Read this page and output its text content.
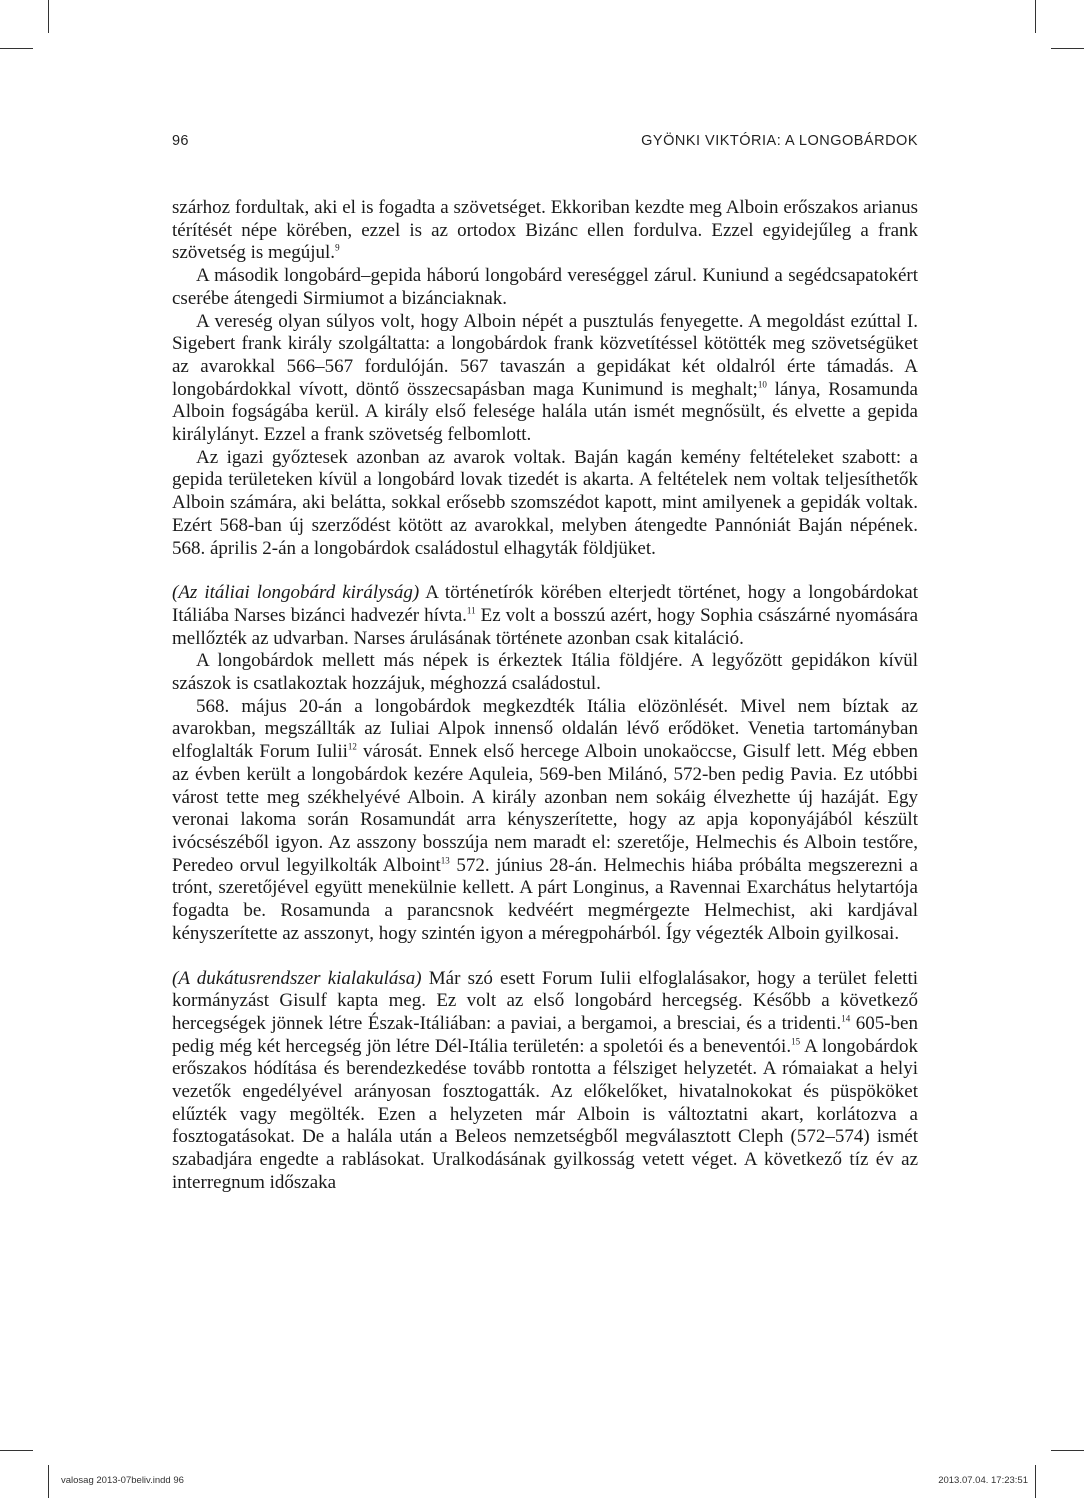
96	GYÖNKI VIKTÓRIA: A LONGOBÁRDOK

szárhoz fordultak, aki el is fogadta a szövetséget. Ekkoriban kezdte meg Alboin erőszakos arianus térítését népe körében, ezzel is az ortodox Bizánc ellen fordulva. Ezzel egyidejűleg a frank szövetség is megújul.$^9$

A második longobárd–gepida háború longobárd vereséggel zárul. Kuniund a segédcsapatokért cserébe átengedi Sirmiumot a bizánciaknak.

A vereség olyan súlyos volt, hogy Alboin népét a pusztulás fenyegette. A megoldást ezúttal I. Sigebert frank király szolgáltatta: a longobárdok frank közvetítéssel kötötték meg szövetségüket az avarokkal 566–567 fordulóján. 567 tavaszán a gepidákat két oldalról érte támadás. A longobárdokkal vívott, döntő összecsapásban maga Kunimund is meghalt;$^{10}$ lánya, Rosamunda Alboin fogságába kerül. A király első felesége halála után ismét megnősült, és elvette a gepida királylányt. Ezzel a frank szövetség felbomlott.

Az igazi győztesek azonban az avarok voltak. Baján kagán kemény feltételeket szabott: a gepida területeken kívül a longobárd lovak tizedét is akarta. A feltételek nem voltak teljesíthetők Alboin számára, aki belátta, sokkal erősebb szomszédot kapott, mint amilyenek a gepidák voltak. Ezért 568-ban új szerződést kötött az avarokkal, melyben átengedte Pannóniát Baján népének. 568. április 2-án a longobárdok családostul elhagyták földjüket.

(Az itáliai longobárd királyság) A történetírók körében elterjedt történet, hogy a longobárdokat Itáliába Narses bizánci hadvezér hívta.$^{11}$ Ez volt a bosszú azért, hogy Sophia császárné nyomására mellőzték az udvarban. Narses árulásának története azonban csak kitaláció.

A longobárdok mellett más népek is érkeztek Itália földjére. A legyőzött gepidákon kívül szászok is csatlakoztak hozzájuk, méghozzá családostul.

568. május 20-án a longobárdok megkezdték Itália elözönlését. Mivel nem bíztak az avarokban, megszállták az Iuliai Alpok innenső oldalán lévő erődöket. Venetia tartományban elfoglalták Forum Iulii$^{12}$ városát. Ennek első hercege Alboin unokaöccse, Gisulf lett. Még ebben az évben került a longobárdok kezére Aquleia, 569-ben Milánó, 572-ben pedig Pavia. Ez utóbbi várost tette meg székhelyévé Alboin. A király azonban nem sokáig élvezhette új hazáját. Egy veronai lakoma során Rosamundát arra kényszerítette, hogy az apja koponyájából készült ivócsészéből igyon. Az asszony bosszúja nem maradt el: szeretője, Helmechis és Alboin testőre, Peredeo orvul legyilkolták Alboint$^{13}$ 572. június 28-án. Helmechis hiába próbálta megszerezni a trónt, szeretőjével együtt menekülnie kellett. A párt Longinus, a Ravennai Exarchátus helytartója fogadta be. Rosamunda a parancsnok kedvéért megmérgezte Helmechist, aki kardjával kényszerítette az asszonyt, hogy szintén igyon a méregpohárból. Így végezték Alboin gyilkosai.

(A dukátusrendszer kialakulása) Már szó esett Forum Iulii elfoglalásakor, hogy a terület feletti kormányzást Gisulf kapta meg. Ez volt az első longobárd hercegség. Később a következő hercegségek jönnek létre Észak-Itáliában: a paviai, a bergamoi, a bresciai, és a tridenti.$^{14}$ 605-ben pedig még két hercegség jön létre Dél-Itália területén: a spoletói és a beneventói.$^{15}$ A longobárdok erőszakos hódítása és berendezkedése tovább rontotta a félsziget helyzetét. A rómaiakat a helyi vezetők engedélyével arányosan fosztogatták. Az előkelőket, hivatalnokokat és püspököket elűzték vagy megölték. Ezen a helyzeten már Alboin is változtatni akart, korlátozva a fosztogatásokat. De a halála után a Beleos nemzetségből megválasztott Cleph (572–574) ismét szabadjára engedte a rablásokat. Uralkodásának gyilkosság vetett véget. A következő tíz év az interregnum időszaka

valosag 2013-07beliv.indd 96	2013.07.04. 17:23:51
